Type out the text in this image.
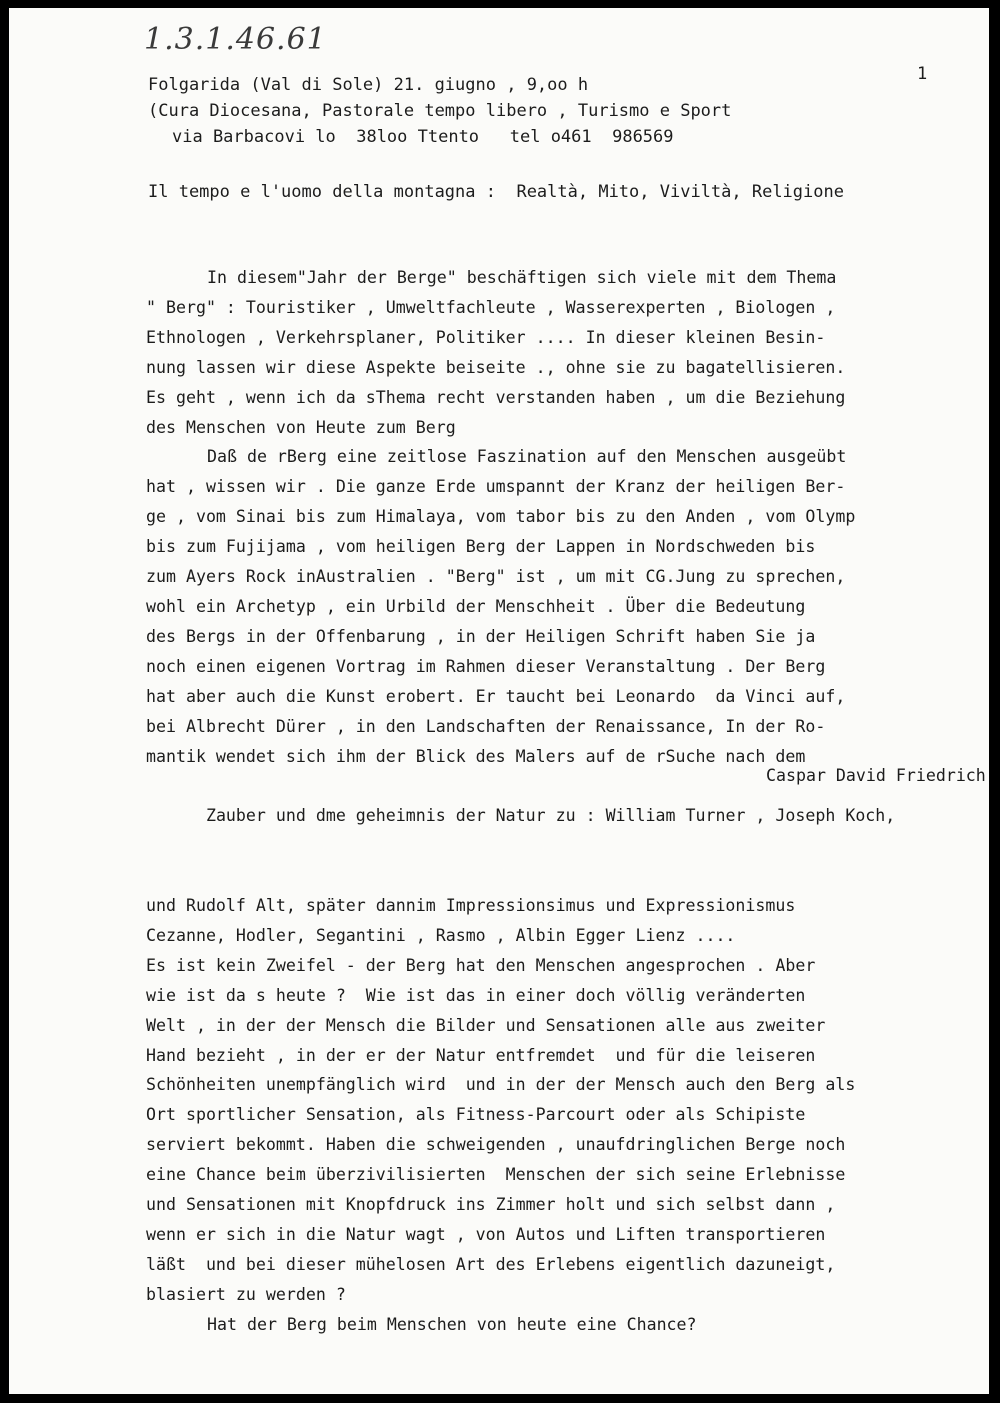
1.3.1.46.61
1
Folgarida (Val di Sole) 21. giugno , 9,oo h
(Cura Diocesana, Pastorale tempo libero , Turismo e Sport
via Barbacovi lo  38loo Ttento   tel o461  986569
Il tempo e l'uomo della montagna :  Realtà, Mito, Viviltà, Religione
In diesem"Jahr der Berge" beschäftigen sich viele mit dem Thema
" Berg" : Touristiker , Umweltfachleute , Wasserexperten , Biologen ,
Ethnologen , Verkehrsplaner, Politiker .... In dieser kleinen Besin-
nung lassen wir diese Aspekte beiseite ., ohne sie zu bagatellisieren.
Es geht , wenn ich da sThema recht verstanden haben , um die Beziehung
des Menschen von Heute zum Berg
Daß de rBerg eine zeitlose Faszination auf den Menschen ausgeübt
hat , wissen wir . Die ganze Erde umspannt der Kranz der heiligen Ber-
ge , vom Sinai bis zum Himalaya, vom tabor bis zu den Anden , vom Olymp
bis zum Fujijama , vom heiligen Berg der Lappen in Nordschweden bis
zum Ayers Rock inAustralien . "Berg" ist , um mit CG.Jung zu sprechen,
wohl ein Archetyp , ein Urbild der Menschheit . Über die Bedeutung
des Bergs in der Offenbarung , in der Heiligen Schrift haben Sie ja
noch einen eigenen Vortrag im Rahmen dieser Veranstaltung . Der Berg
hat aber auch die Kunst erobert. Er taucht bei Leonardo  da Vinci auf,
bei Albrecht Dürer , in den Landschaften der Renaissance, In der Ro-
mantik wendet sich ihm der Blick des Malers auf de rSuche nach dem

Zauber und dme geheimnis der Natur zu : William Turner , Joseph Koch,

Caspar David Friedrich

und Rudolf Alt, später dannim Impressionsimus und Expressionismus
Cezanne, Hodler, Segantini , Rasmo , Albin Egger Lienz ....
Es ist kein Zweifel - der Berg hat den Menschen angesprochen . Aber
wie ist da s heute ?  Wie ist das in einer doch völlig veränderten
Welt , in der der Mensch die Bilder und Sensationen alle aus zweiter
Hand bezieht , in der er der Natur entfremdet  und für die leiseren
Schönheiten unempfänglich wird  und in der der Mensch auch den Berg als
Ort sportlicher Sensation, als Fitness-Parcourt oder als Schipiste
serviert bekommt. Haben die schweigenden , unaufdringlichen Berge noch
eine Chance beim überzivilisierten  Menschen der sich seine Erlebnisse
und Sensationen mit Knopfdruck ins Zimmer holt und sich selbst dann ,
wenn er sich in die Natur wagt , von Autos und Liften transportieren
läßt  und bei dieser mühelosen Art des Erlebens eigentlich dazuneigt,
blasiert zu werden ?
Hat der Berg beim Menschen von heute eine Chance?
